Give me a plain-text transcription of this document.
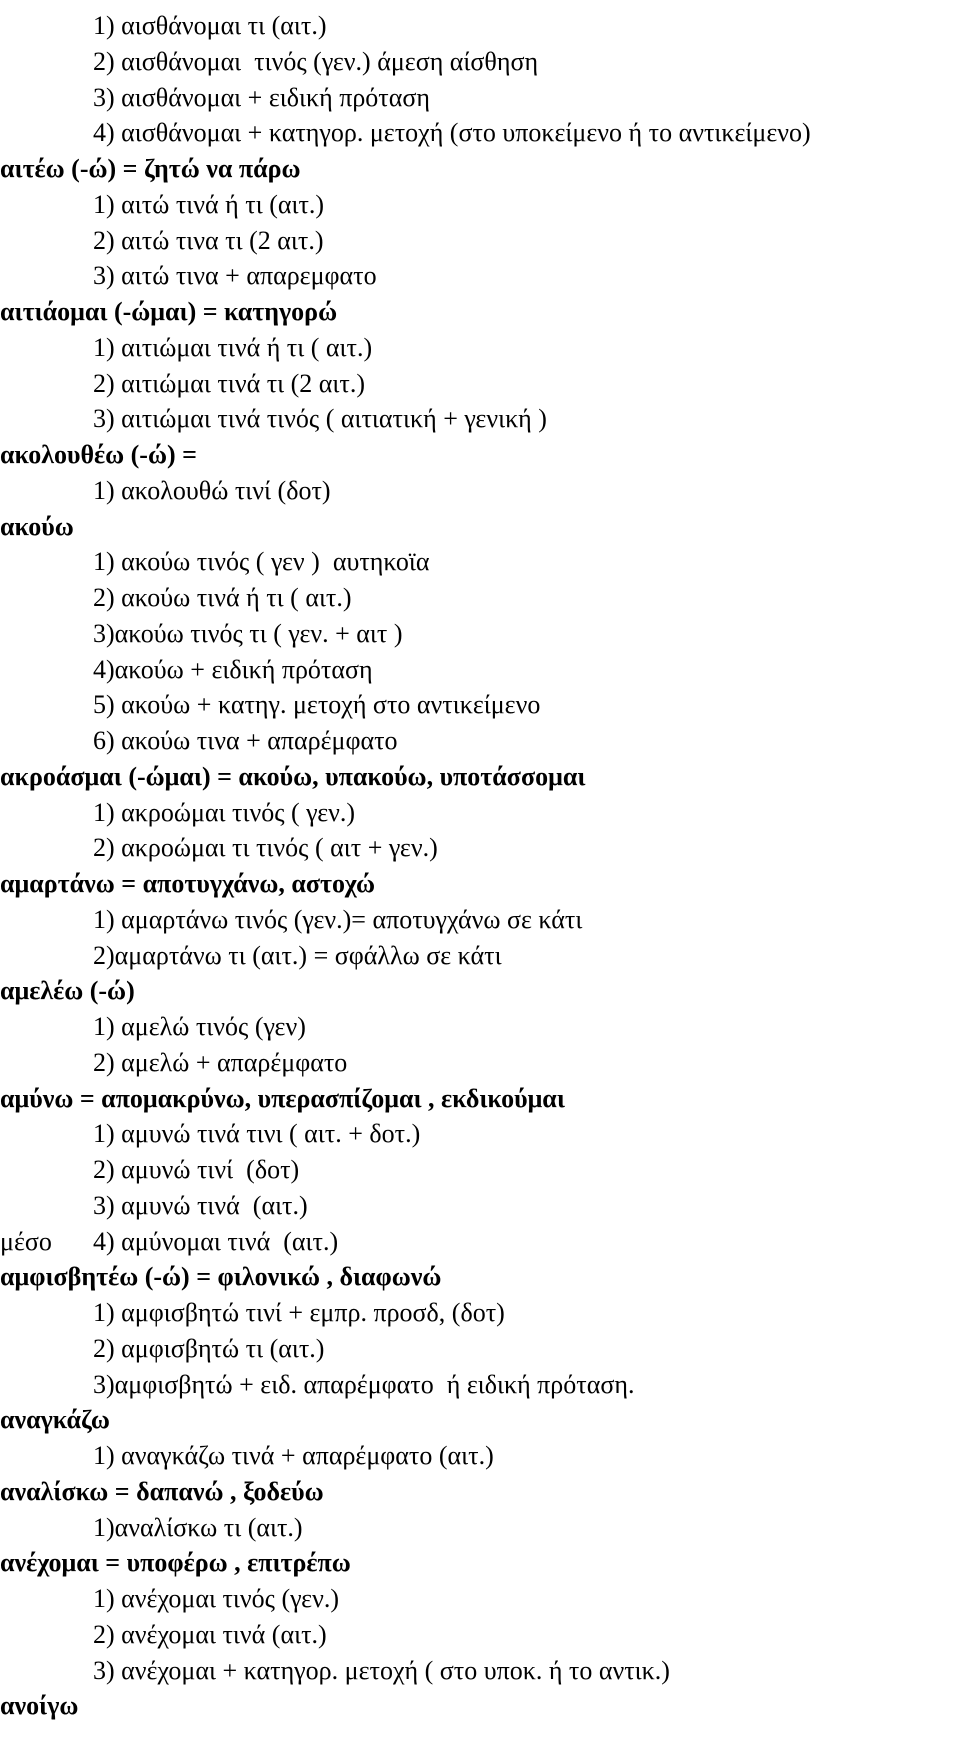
1) αισθάνομαι τι (αιτ.)
2) αισθάνομαι  τινός (γεν.) άμεση αίσθηση
3) αισθάνομαι + ειδική πρόταση
4) αισθάνομαι + κατηγορ. μετοχή (στο υποκείμενο ή το αντικείμενο)
αιτέω (-ώ) = ζητώ να πάρω
1) αιτώ τινά ή τι (αιτ.)
2) αιτώ τινα τι (2 αιτ.)
3) αιτώ τινα + απαρεμφατο
αιτιάομαι (-ώμαι) = κατηγορώ
1) αιτιώμαι τινά ή τι ( αιτ.)
2) αιτιώμαι τινά τι (2 αιτ.)
3) αιτιώμαι τινά τινός ( αιτιατική + γενική )
ακολουθέω (-ώ) =
1) ακολουθώ τινί (δοτ)
ακούω
1) ακούω τινός ( γεν )  αυτηκοϊα
2) ακούω τινά ή τι ( αιτ.)
3)ακούω τινός τι ( γεν. + αιτ )
4)ακούω + ειδική πρόταση
5) ακούω + κατηγ. μετοχή στο αντικείμενο
6) ακούω τινα + απαρέμφατο
ακροάσμαι (-ώμαι) = ακούω, υπακούω, υποτάσσομαι
1) ακροώμαι τινός ( γεν.)
2) ακροώμαι τι τινός ( αιτ + γεν.)
αμαρτάνω = αποτυγχάνω, αστοχώ
1) αμαρτάνω τινός (γεν.)= αποτυγχάνω σε κάτι
2)αμαρτάνω τι (αιτ.) = σφάλλω σε κάτι
αμελέω (-ώ)
1) αμελώ τινός (γεν)
2) αμελώ + απαρέμφατο
αμύνω = απομακρύνω, υπερασπίζομαι , εκδικούμαι
1) αμυνώ τινά τινι ( αιτ. + δοτ.)
2) αμυνώ τινί  (δοτ)
3) αμυνώ τινά  (αιτ.)
μέσο 4) αμύνομαι τινά  (αιτ.)
αμφισβητέω (-ώ) = φιλονικώ , διαφωνώ
1) αμφισβητώ τινί + εμπρ. προσδ, (δοτ)
2) αμφισβητώ τι (αιτ.)
3)αμφισβητώ + ειδ. απαρέμφατο  ή ειδική πρόταση.
αναγκάζω
1) αναγκάζω τινά + απαρέμφατο (αιτ.)
αναλίσκω = δαπανώ , ξοδεύω
1)αναλίσκω τι (αιτ.)
ανέχομαι = υποφέρω , επιτρέπω
1) ανέχομαι τινός (γεν.)
2) ανέχομαι τινά (αιτ.)
3) ανέχομαι + κατηγορ. μετοχή ( στο υποκ. ή το αντικ.)
ανοίγω
